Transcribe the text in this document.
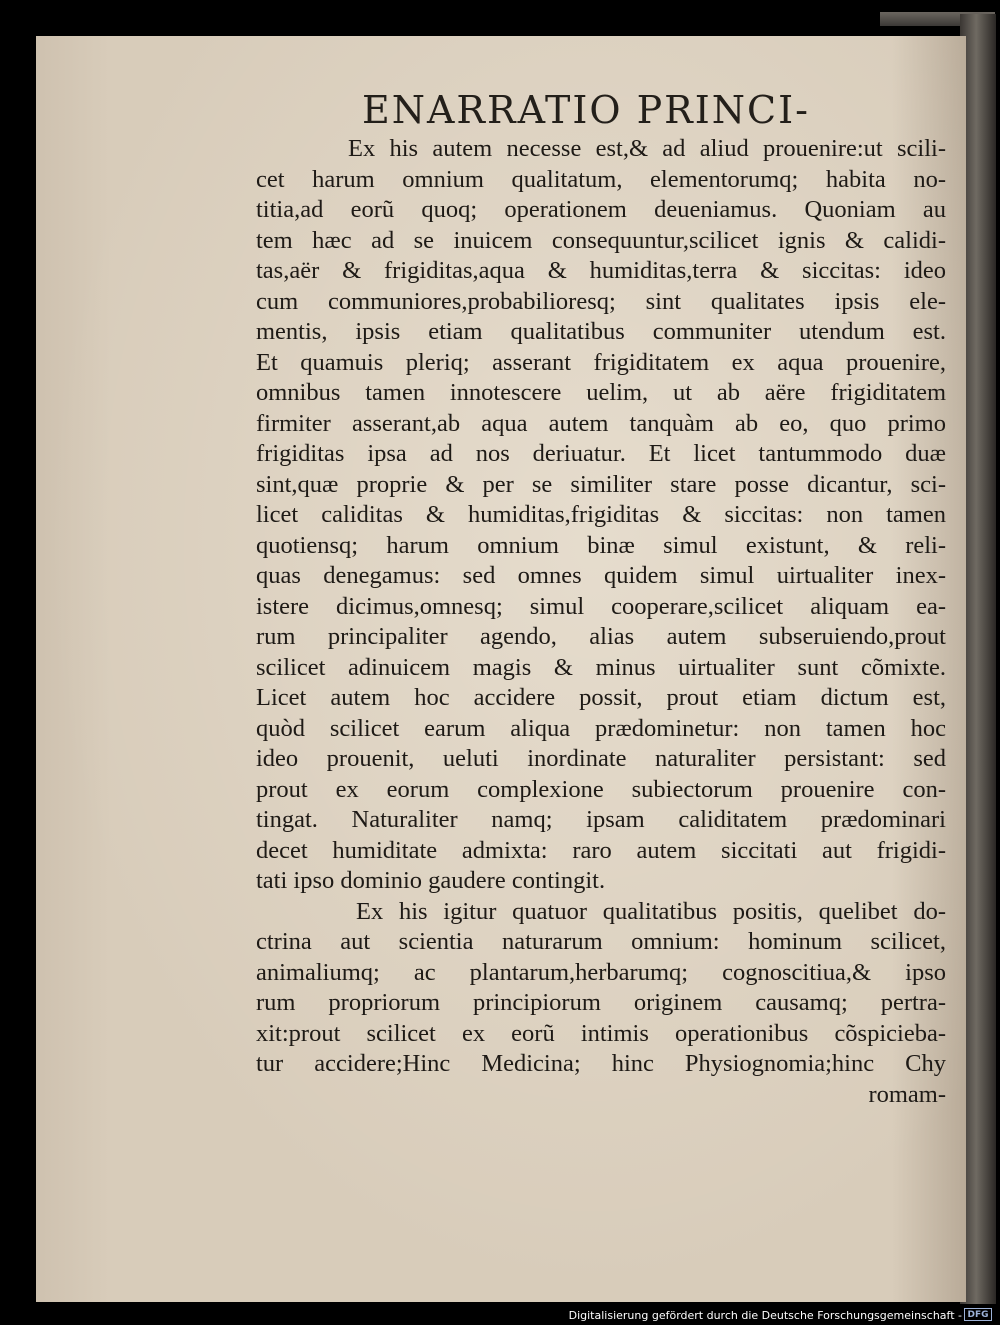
ENARRATIO PRINCI-
Ex his autem necesse est,& ad aliud prouenire:ut scili-
cet harum omnium qualitatum, elementorumq; habita no-
titia,ad eorũ quoq; operationem deueniamus. Quoniam au
tem hæc ad se inuicem consequuntur,scilicet ignis & calidi-
tas,aër & frigiditas,aqua & humiditas,terra & siccitas: ideo
cum communiores,probabilioresq; sint qualitates ipsis ele-
mentis, ipsis etiam qualitatibus communiter utendum est.
Et quamuis pleriq; asserant frigiditatem ex aqua prouenire,
omnibus tamen innotescere uelim, ut ab aëre frigiditatem
firmiter asserant,ab aqua autem tanquàm ab eo, quo primo
frigiditas ipsa ad nos deriuatur. Et licet tantummodo duæ
sint,quæ proprie & per se similiter stare posse dicantur, sci-
licet caliditas & humiditas,frigiditas & siccitas: non tamen
quotiensq; harum omnium binæ simul existunt, & reli-
quas denegamus: sed omnes quidem simul uirtualiter inex-
istere dicimus,omnesq; simul cooperare,scilicet aliquam ea-
rum principaliter agendo, alias autem subseruiendo,prout
scilicet adinuicem magis & minus uirtualiter sunt cõmixte.
Licet autem hoc accidere possit, prout etiam dictum est,
quòd scilicet earum aliqua prædominetur: non tamen hoc
ideo prouenit, ueluti inordinate naturaliter persistant: sed
prout ex eorum complexione subiectorum prouenire con-
tingat. Naturaliter namq; ipsam caliditatem prædominari
decet humiditate admixta: raro autem siccitati aut frigidi-
tati ipso dominio gaudere contingit.
Ex his igitur quatuor qualitatibus positis, quelibet do-
ctrina aut scientia naturarum omnium: hominum scilicet,
animaliumq; ac plantarum,herbarumq; cognoscitiua,& ipso
rum propriorum principiorum originem causamq; pertra-
xit:prout scilicet ex eorũ intimis operationibus cõspicieba-
tur accidere;Hinc Medicina; hinc Physiognomia;hinc Chy
romam-
Digitalisierung gefördert durch die Deutsche Forschungsgemeinschaft - DFG
